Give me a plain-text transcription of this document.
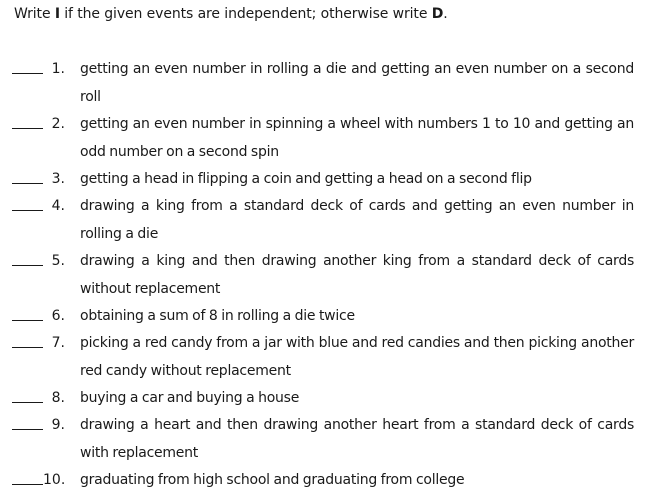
Write I if the given events are independent; otherwise write D.
1. getting an even number in rolling a die and getting an even number on a second roll
2. getting an even number in spinning a wheel with numbers 1 to 10 and getting an odd number on a second spin
3. getting a head in flipping a coin and getting a head on a second flip
4. drawing a king from a standard deck of cards and getting an even number in rolling a die
5. drawing a king and then drawing another king from a standard deck of cards without replacement
6. obtaining a sum of 8 in rolling a die twice
7. picking a red candy from a jar with blue and red candies and then picking another red candy without replacement
8. buying a car and buying a house
9. drawing a heart and then drawing another heart from a standard deck of cards with replacement
10. graduating from high school and graduating from college
